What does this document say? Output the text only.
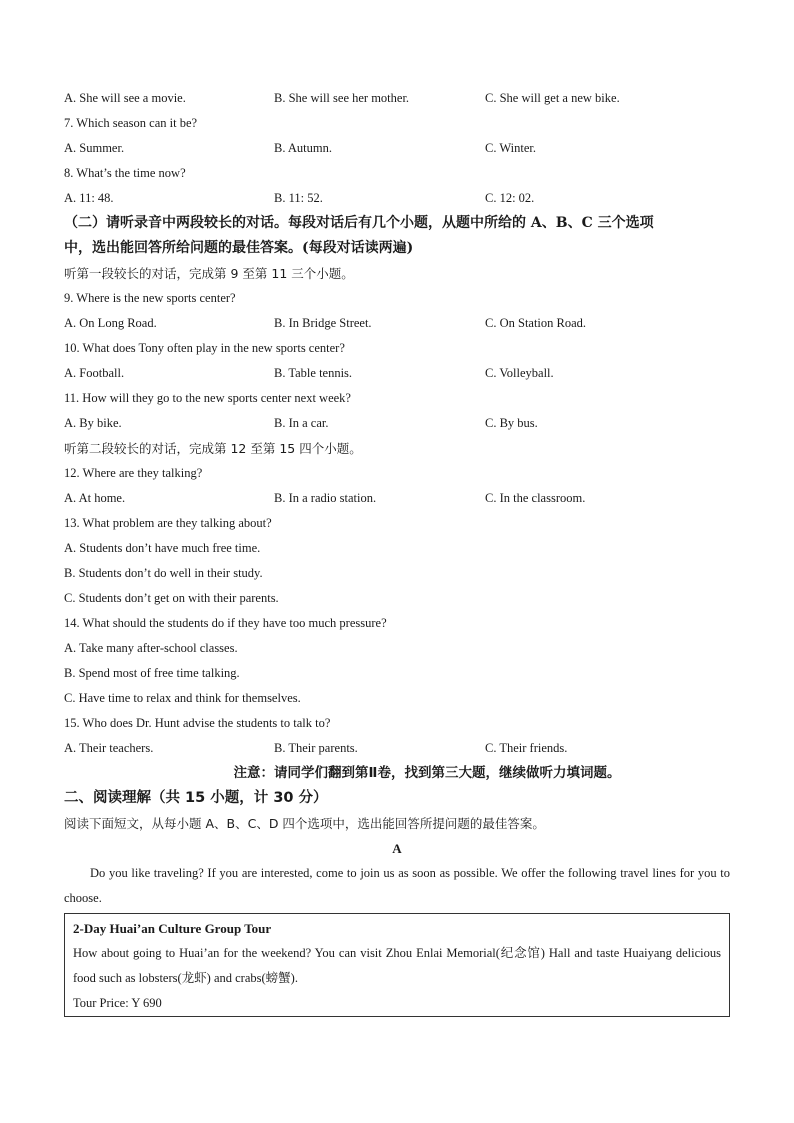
A. She will see a movie.	B. She will see her mother.	C. She will get a new bike.
7. Which season can it be?
A. Summer.	B. Autumn.	C. Winter.
8. What’s the time now?
A. 11: 48.	B. 11: 52.	C. 12: 02.
（二）请听录音中两段较长的对话。每段对话后有几个小题，从题中所给的 A、B、C 三个选项
中，选出能回答所给问题的最佳答案。(每段对话读两遍)
听第一段较长的对话，完成第 9 至第 11 三个小题。
9. Where is the new sports center?
A. On Long Road.	B. In Bridge Street.	C. On Station Road.
10. What does Tony often play in the new sports center?
A. Football.	B. Table tennis.	C. Volleyball.
11. How will they go to the new sports center next week?
A. By bike.	B. In a car.	C. By bus.
听第二段较长的对话，完成第 12 至第 15 四个小题。
12. Where are they talking?
A. At home.	B. In a radio station.	C. In the classroom.
13. What problem are they talking about?
A. Students don’t have much free time.
B. Students don’t do well in their study.
C. Students don’t get on with their parents.
14. What should the students do if they have too much pressure?
A. Take many after-school classes.
B. Spend most of free time talking.
C. Have time to relax and think for themselves.
15. Who does Dr. Hunt advise the students to talk to?
A. Their teachers.	B. Their parents.	C. Their friends.
注意：请同学们翻到第Ⅱ卷，找到第三大题，继续做听力填词题。
二、阅读理解（共 15 小题，计 30 分）
阅读下面短文，从每小题 A、B、C、D 四个选项中，选出能回答所提问题的最佳答案。
A
Do you like traveling? If you are interested, come to join us as soon as possible. We offer the following travel lines for you to choose.
2-Day Huai’an Culture Group Tour
How about going to Huai’an for the weekend? You can visit Zhou Enlai Memorial(纪念馆) Hall and taste Huaiyang delicious food such as lobsters(龙虾) and crabs(螃蟹).
Tour Price: Y 690
